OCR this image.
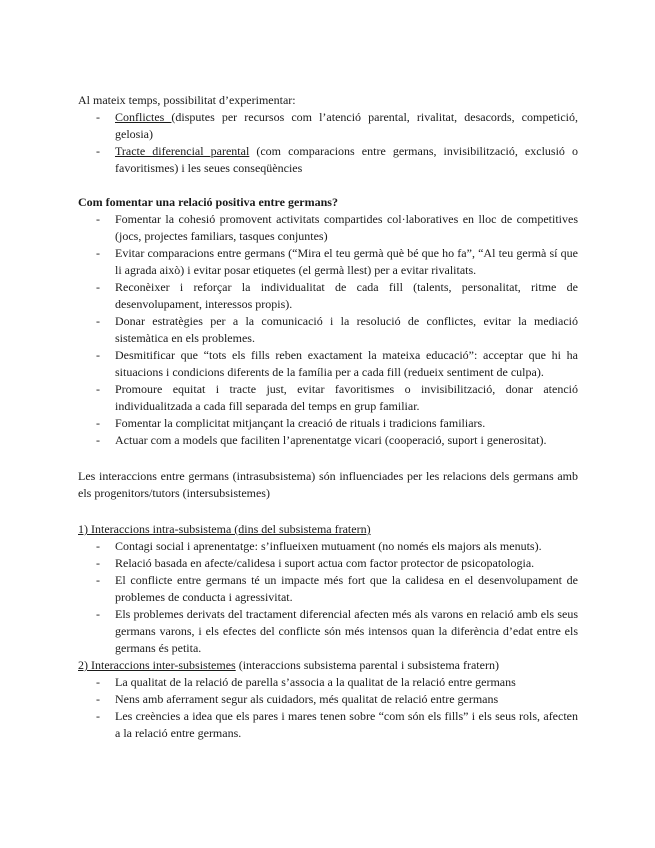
Al mateix temps, possibilitat d’experimentar:

- Conflictes (disputes per recursos com l’atenció parental, rivalitat, desacords, competició, gelosia)
- Tracte diferencial parental (com comparacions entre germans, invisibilització, exclusió o favoritismes) i les seues conseqüències

Com fomentar una relació positiva entre germans?

- Fomentar la cohesió promovent activitats compartides col·laboratives en lloc de competitives (jocs, projectes familiars, tasques conjuntes)
- Evitar comparacions entre germans (“Mira el teu germà què bé que ho fa”, “Al teu germà sí que li agrada això) i evitar posar etiquetes (el germà llest) per a evitar rivalitats.
- Reconèixer i reforçar la individualitat de cada fill (talents, personalitat, ritme de desenvolupament, interessos propis).
- Donar estratègies per a la comunicació i la resolució de conflictes, evitar la mediació sistemàtica en els problemes.
- Desmitificar que “tots els fills reben exactament la mateixa educació”: acceptar que hi ha situacions i condicions diferents de la família per a cada fill (redueix sentiment de culpa).
- Promoure equitat i tracte just, evitar favoritismes o invisibilització, donar atenció individualitzada a cada fill separada del temps en grup familiar.
- Fomentar la complicitat mitjançant la creació de rituals i tradicions familiars.
- Actuar com a models que faciliten l’aprenentatge vicari (cooperació, suport i generositat).

Les interaccions entre germans (intrasubsistema) són influenciades per les relacions dels germans amb els progenitors/tutors (intersubsistemes)

1) Interaccions intra-subsistema (dins del subsistema fratern)

- Contagi social i aprenentatge: s’influeixen mutuament (no només els majors als menuts).
- Relació basada en afecte/calidesa i suport actua com factor protector de psicopatologia.
- El conflicte entre germans té un impacte més fort que la calidesa en el desenvolupament de problemes de conducta i agressivitat.
- Els problemes derivats del tractament diferencial afecten més als varons en relació amb els seus germans varons, i els efectes del conflicte són més intensos quan la diferència d’edat entre els germans és petita.

2) Interaccions inter-subsistemes (interaccions subsistema parental i subsistema fratern)

- La qualitat de la relació de parella s’associa a la qualitat de la relació entre germans
- Nens amb aferrament segur als cuidadors, més qualitat de relació entre germans
- Les creències a idea que els pares i mares tenen sobre “com són els fills” i els seus rols, afecten a la relació entre germans.
